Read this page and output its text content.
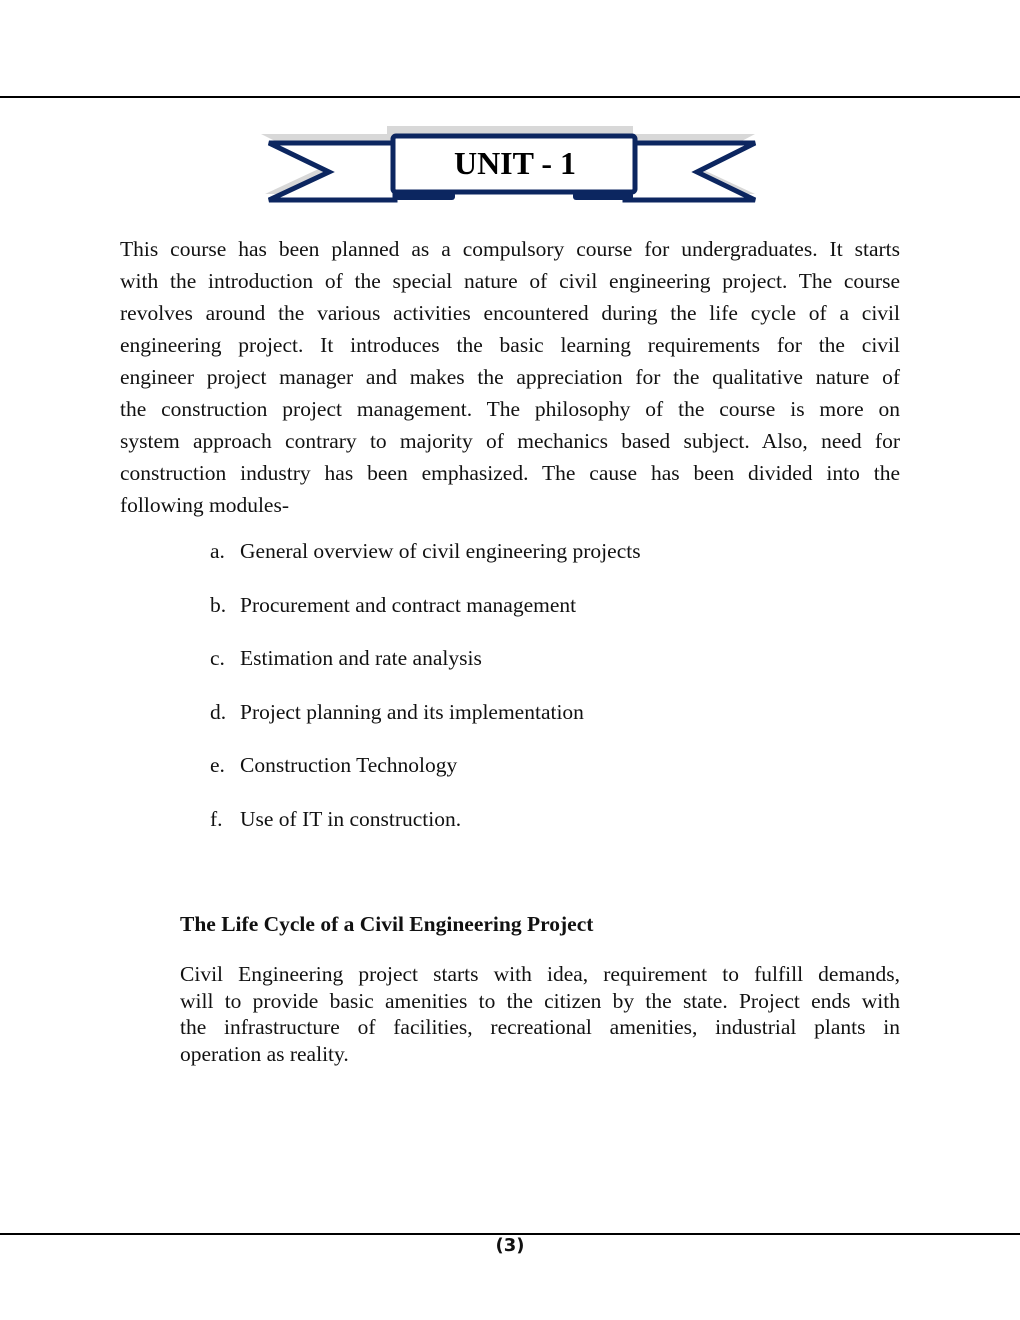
UNIT - 1
This course has been planned as a compulsory course for undergraduates. It starts
with the introduction of the special nature of civil engineering project. The course
revolves around the various activities encountered during the life cycle of a civil
engineering project. It introduces the basic learning requirements for the civil
engineer project manager and makes the appreciation for the qualitative nature of
the construction project management. The philosophy of the course is more on
system approach contrary to majority of mechanics based subject. Also, need for
construction industry has been emphasized. The cause has been divided into the
following modules-
a. General overview of civil engineering projects
b. Procurement and contract management
c. Estimation and rate analysis
d. Project planning and its implementation
e. Construction Technology
f. Use of IT in construction.
The Life Cycle of a Civil Engineering Project
Civil Engineering project starts with idea, requirement to fulfill demands,
will to provide basic amenities to the citizen by the state. Project ends with
the infrastructure of facilities, recreational amenities, industrial plants in
operation as reality.
(3)
